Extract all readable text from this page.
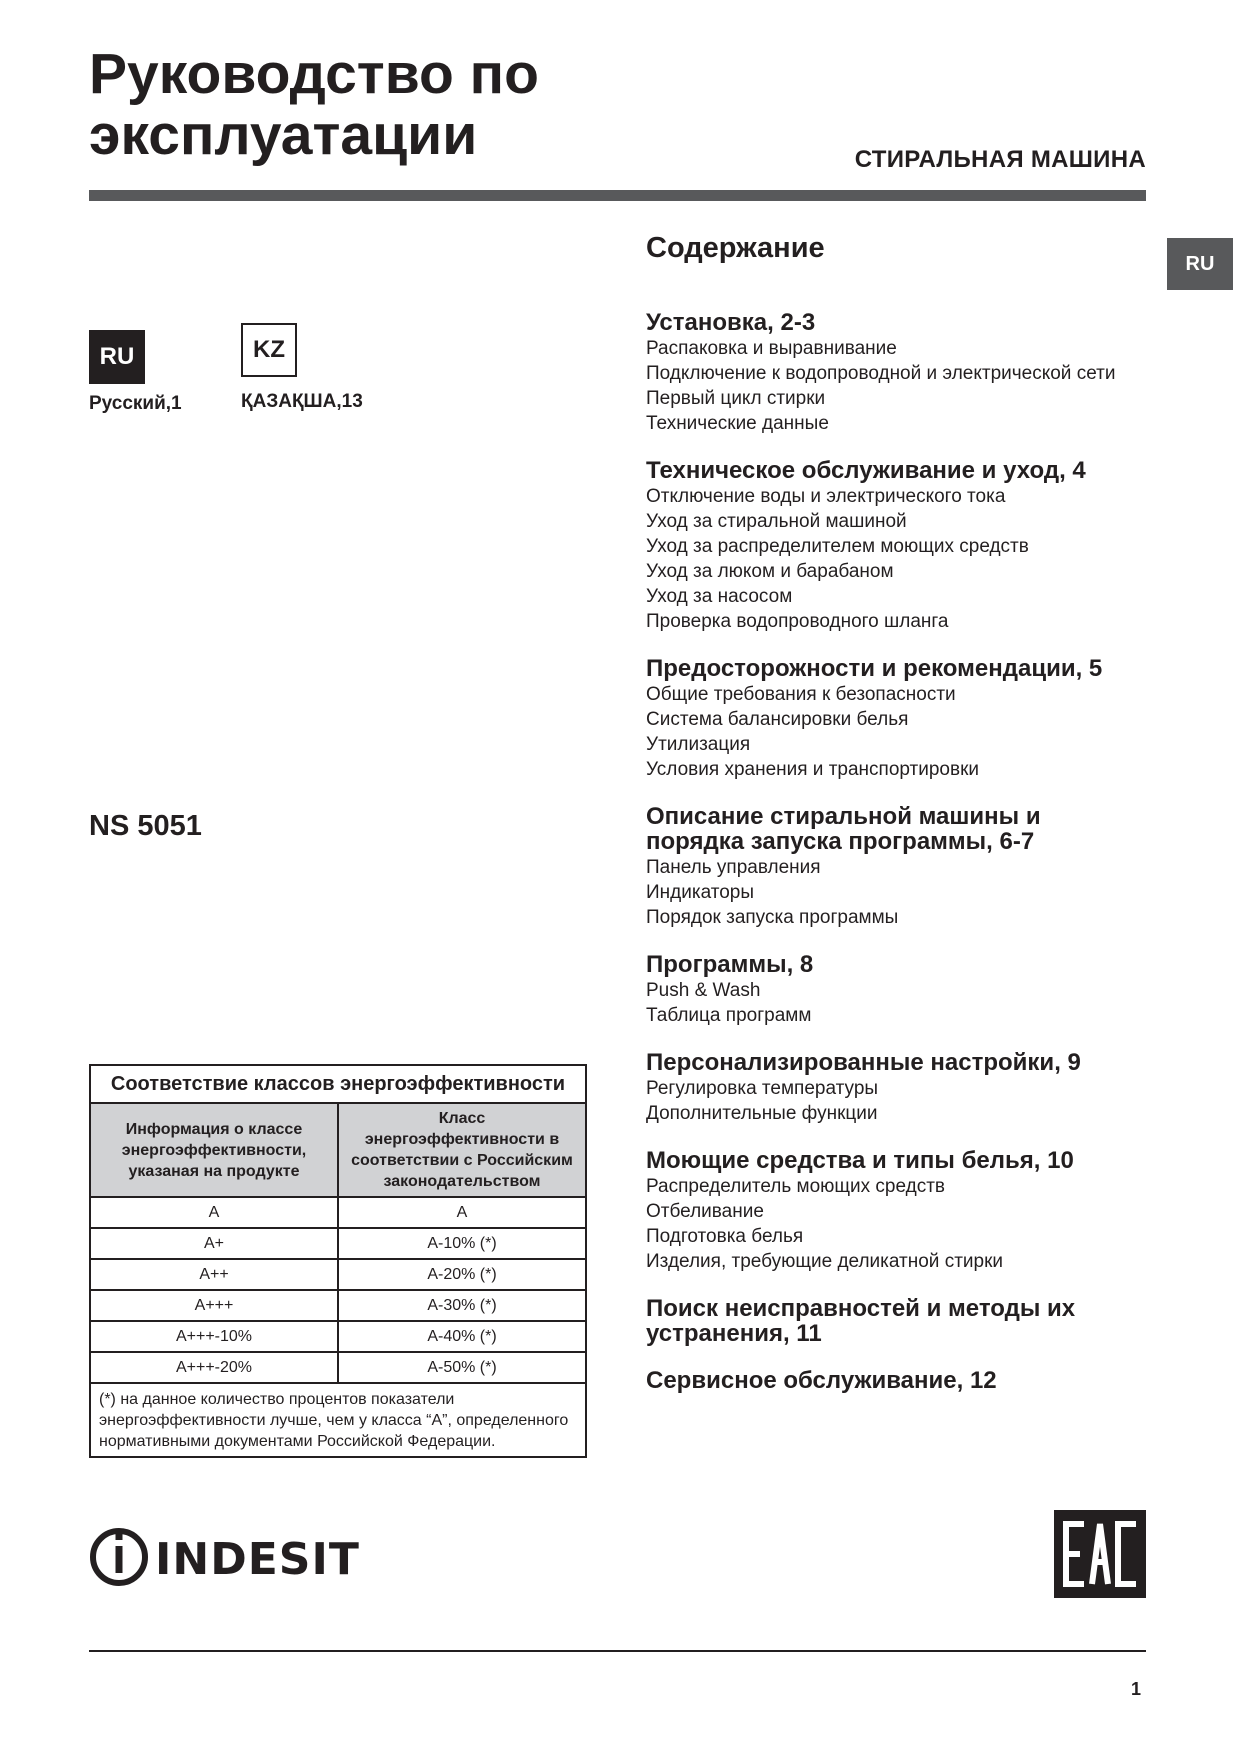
Руководство по
эксплуатации	СТИРАЛЬНАЯ МАШИНА
RU
RU	KZ
Русский,1	ҚАЗАҚША,13
NS 5051
Содержание
Установка, 2-3
Распаковка и выравнивание
Подключение к водопроводной и электрической сети
Первый цикл стирки
Технические данные
Техническое обслуживание и уход, 4
Отключение воды и электрического тока
Уход за стиральной машиной
Уход за распределителем моющих средств
Уход за люком и барабаном
Уход за насосом
Проверка водопроводного шланга
Предосторожности и рекомендации, 5
Общие требования к безопасности
Система балансировки белья
Утилизация
Условия хранения и транспортировки
Описание стиральной машины и
порядка запуска программы, 6-7
Панель управления
Индикаторы
Порядок запуска программы
Программы, 8
Push & Wash
Таблица программ
Персонализированные настройки, 9
Регулировка температуры
Дополнительные функции
Моющие средства и типы белья, 10
Распределитель моющих средств
Отбеливание
Подготовка белья
Изделия, требующие деликатной стирки
Поиск неисправностей и методы их
устранения, 11
Сервисное обслуживание, 12
Соответствие классов энергоэффективности
Информация о классе энергоэффективности, указаная на продукте	Класс энергоэффективности в соответствии с Российским законодательством
A	A
A+	A-10% (*)
A++	A-20% (*)
A+++	A-30% (*)
A+++-10%	A-40% (*)
A+++-20%	A-50% (*)
(*) на данное количество процентов показатели энергоэффективности лучше, чем у класса “A”, определенного нормативными документами Российской Федерации.
INDESIT
1
